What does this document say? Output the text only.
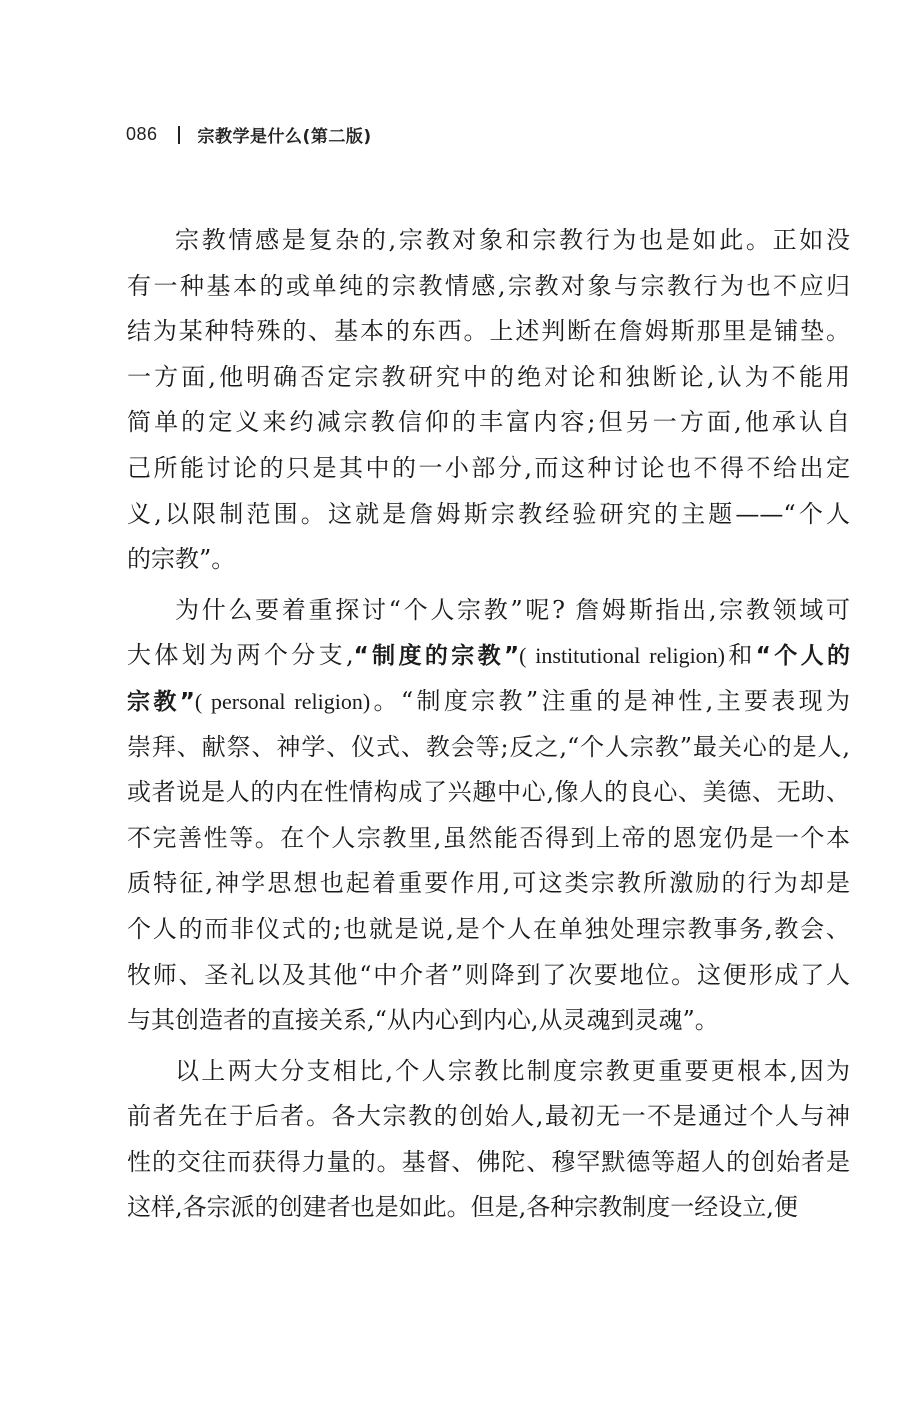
086 宗教学是什么(第二版)
宗教情感是复杂的,宗教对象和宗教行为也是如此。正如没
有一种基本的或单纯的宗教情感,宗教对象与宗教行为也不应归
结为某种特殊的、基本的东西。上述判断在詹姆斯那里是铺垫。
一方面,他明确否定宗教研究中的绝对论和独断论,认为不能用
简单的定义来约减宗教信仰的丰富内容;但另一方面,他承认自
己所能讨论的只是其中的一小部分,而这种讨论也不得不给出定
义,以限制范围。这就是詹姆斯宗教经验研究的主题——“个人
的宗教”。
为什么要着重探讨“个人宗教”呢? 詹姆斯指出,宗教领域可
大体划为两个分支,“制度的宗教”( institutional religion)和“个人的
宗教”( personal religion)。“制度宗教”注重的是神性,主要表现为
崇拜、献祭、神学、仪式、教会等;反之,“个人宗教”最关心的是人,
或者说是人的内在性情构成了兴趣中心,像人的良心、美德、无助、
不完善性等。在个人宗教里,虽然能否得到上帝的恩宠仍是一个本
质特征,神学思想也起着重要作用,可这类宗教所激励的行为却是
个人的而非仪式的;也就是说,是个人在单独处理宗教事务,教会、
牧师、圣礼以及其他“中介者”则降到了次要地位。这便形成了人
与其创造者的直接关系,“从内心到内心,从灵魂到灵魂”。
以上两大分支相比,个人宗教比制度宗教更重要更根本,因为
前者先在于后者。各大宗教的创始人,最初无一不是通过个人与神
性的交往而获得力量的。基督、佛陀、穆罕默德等超人的创始者是
这样,各宗派的创建者也是如此。但是,各种宗教制度一经设立,便
